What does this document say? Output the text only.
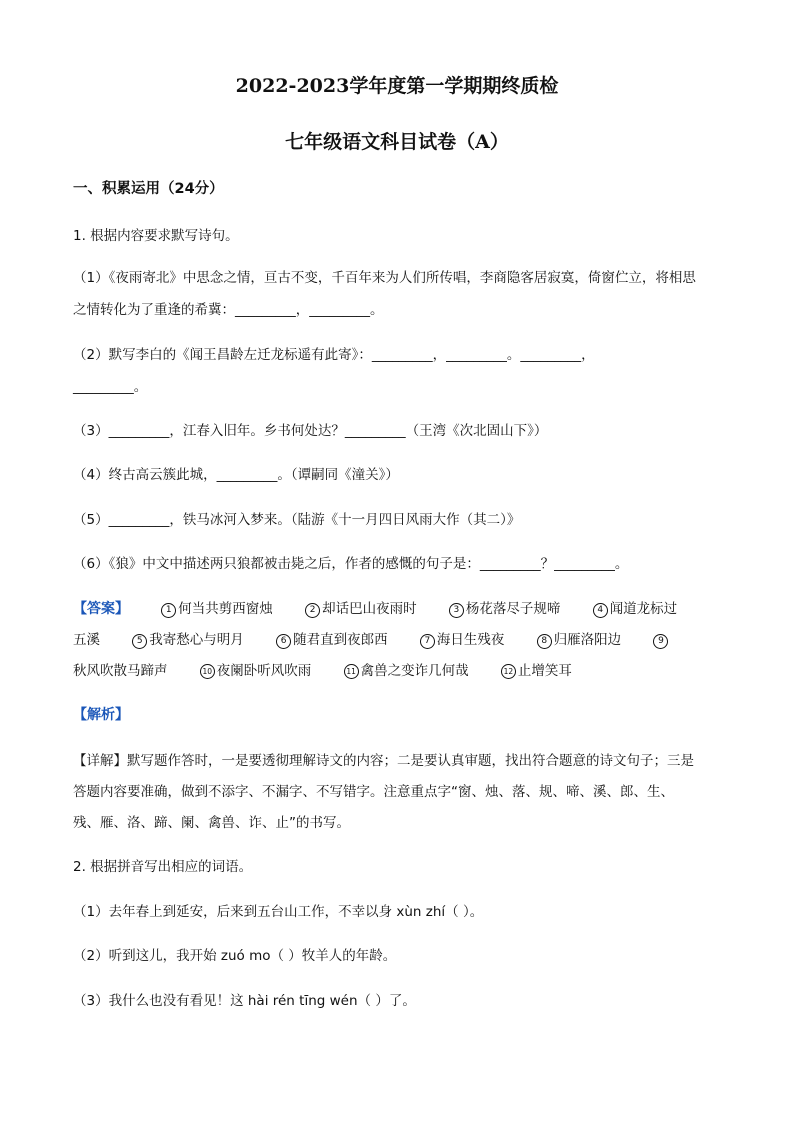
2022-2023学年度第一学期期终质检
七年级语文科目试卷（A）
一、积累运用（24分）
1. 根据内容要求默写诗句。
（1）《夜雨寄北》中思念之情，亘古不变，千百年来为人们所传唱，李商隐客居寂寞，倚窗伫立，将相思
之情转化为了重逢的希冀：_________，_________。
（2）默写李白的《闻王昌龄左迁龙标遥有此寄》：_________，_________。_________，
_________。
（3）_________，江春入旧年。乡书何处达？_________（王湾《次北固山下》）
（4）终古高云簇此城，_________。（谭嗣同《潼关》）
（5）_________，铁马冰河入梦来。（陆游《十一月四日风雨大作（其二）》
（6）《狼》中文中描述两只狼都被击毙之后，作者的感慨的句子是：_________？_________。
【答案】	1 何当共剪西窗烛	2 却话巴山夜雨时	3 杨花落尽子规啼	4 闻道龙标过
五溪	5 我寄愁心与明月	6 随君直到夜郎西	7 海日生残夜	8 归雁洛阳边	9
秋风吹散马蹄声	10 夜阑卧听风吹雨	11 禽兽之变诈几何哉	12 止增笑耳
【解析】
【详解】默写题作答时，一是要透彻理解诗文的内容；二是要认真审题，找出符合题意的诗文句子；三是
答题内容要准确，做到不添字、不漏字、不写错字。注意重点字“窗、烛、落、规、啼、溪、郎、生、
残、雁、洛、蹄、阑、禽兽、诈、止”的书写。
2. 根据拼音写出相应的词语。
（1）去年春上到延安，后来到五台山工作，不幸以身 xùn zhí（ ）。
（2）听到这儿，我开始 zuó mo（ ）牧羊人的年龄。
（3）我什么也没有看见！这 hài rén tīng wén（ ）了。
